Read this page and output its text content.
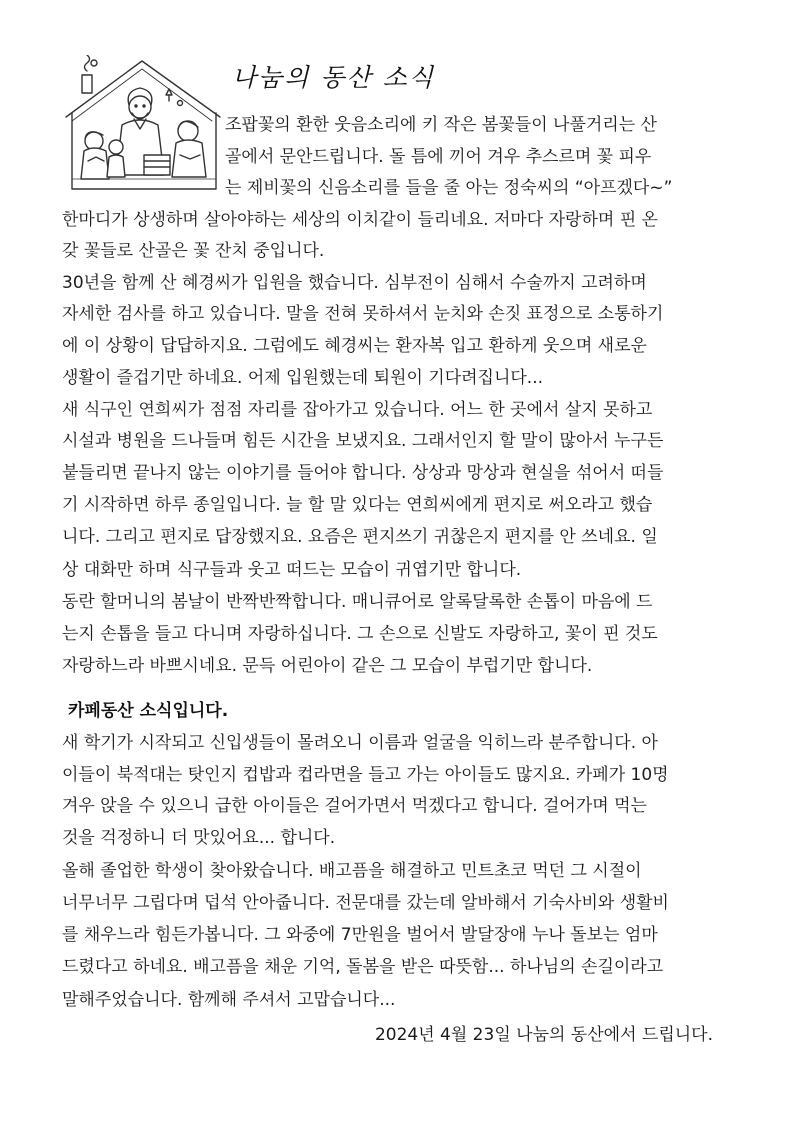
나눔의 동산 소식
조팝꽃의 환한 웃음소리에 키 작은 봄꽃들이 나풀거리는 산
골에서 문안드립니다. 돌 틈에 끼어 겨우 추스르며 꽃 피우
는 제비꽃의 신음소리를 들을 줄 아는 정숙씨의 “아프겠다~”
한마디가 상생하며 살아야하는 세상의 이치같이 들리네요. 저마다 자랑하며 핀 온
갖 꽃들로 산골은 꽃 잔치 중입니다.
30년을 함께 산 혜경씨가 입원을 했습니다. 심부전이 심해서 수술까지 고려하며
자세한 검사를 하고 있습니다. 말을 전혀 못하셔서 눈치와 손짓 표정으로 소통하기
에 이 상황이 답답하지요. 그럼에도 혜경씨는 환자복 입고 환하게 웃으며 새로운
생활이 즐겁기만 하네요. 어제 입원했는데 퇴원이 기다려집니다...
새 식구인 연희씨가 점점 자리를 잡아가고 있습니다. 어느 한 곳에서 살지 못하고
시설과 병원을 드나들며 힘든 시간을 보냈지요. 그래서인지 할 말이 많아서 누구든
붙들리면 끝나지 않는 이야기를 들어야 합니다. 상상과 망상과 현실을 섞어서 떠들
기 시작하면 하루 종일입니다. 늘 할 말 있다는 연희씨에게 편지로 써오라고 했습
니다. 그리고 편지로 답장했지요. 요즘은 편지쓰기 귀찮은지 편지를 안 쓰네요. 일
상 대화만 하며 식구들과 웃고 떠드는 모습이 귀엽기만 합니다.
동란 할머니의 봄날이 반짝반짝합니다. 매니큐어로 알록달록한 손톱이 마음에 드
는지 손톱을 들고 다니며 자랑하십니다. 그 손으로 신발도 자랑하고, 꽃이 핀 것도
자랑하느라 바쁘시네요. 문득 어린아이 같은 그 모습이 부럽기만 합니다.
카페동산 소식입니다.
새 학기가 시작되고 신입생들이 몰려오니 이름과 얼굴을 익히느라 분주합니다. 아
이들이 북적대는 탓인지 컵밥과 컵라면을 들고 가는 아이들도 많지요. 카페가 10명
겨우 앉을 수 있으니 급한 아이들은 걸어가면서 먹겠다고 합니다. 걸어가며 먹는
것을 걱정하니 더 맛있어요... 합니다.
올해 졸업한 학생이 찾아왔습니다. 배고픔을 해결하고 민트초코 먹던 그 시절이
너무너무 그립다며 덥석 안아줍니다. 전문대를 갔는데 알바해서 기숙사비와 생활비
를 채우느라 힘든가봅니다. 그 와중에 7만원을 벌어서 발달장애 누나 돌보는 엄마
드렸다고 하네요. 배고픔을 채운 기억, 돌봄을 받은 따뜻함... 하나님의 손길이라고
말해주었습니다. 함께해 주셔서 고맙습니다...
2024년 4월 23일 나눔의 동산에서 드립니다.
